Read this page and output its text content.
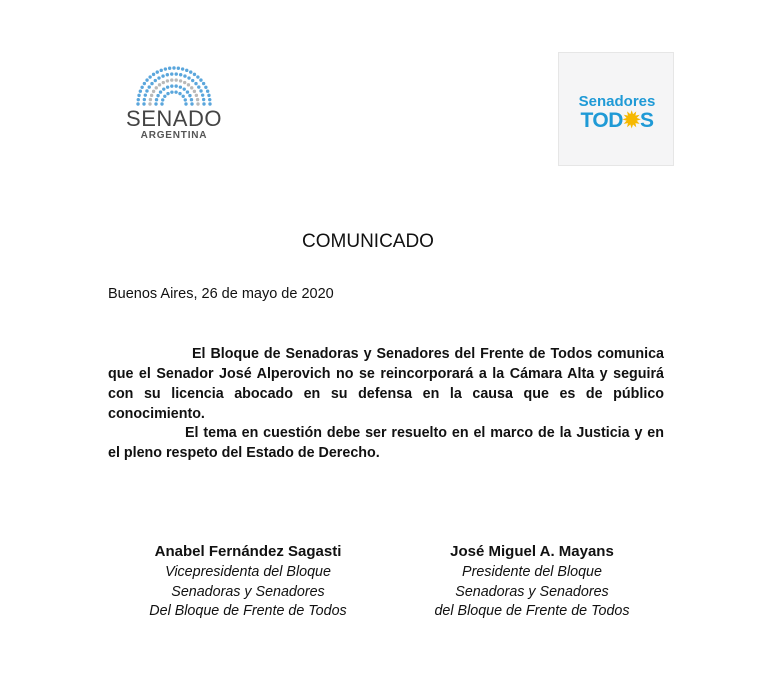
SENADO
ARGENTINA
Senadores
TOD✹S
COMUNICADO
Buenos Aires, 26 de mayo de 2020
El Bloque de Senadoras y Senadores del Frente de Todos comunica que el Senador José Alperovich no se reincorporará a la Cámara Alta y seguirá con su licencia abocado en su defensa en la causa que es de público conocimiento.
El tema en cuestión debe ser resuelto en el marco de la Justicia y en el pleno respeto del Estado de Derecho.
Anabel Fernández Sagasti
Vicepresidenta del Bloque
Senadoras y Senadores
Del Bloque de Frente de Todos
José Miguel A. Mayans
Presidente del Bloque
Senadoras y Senadores
del Bloque de Frente de Todos
